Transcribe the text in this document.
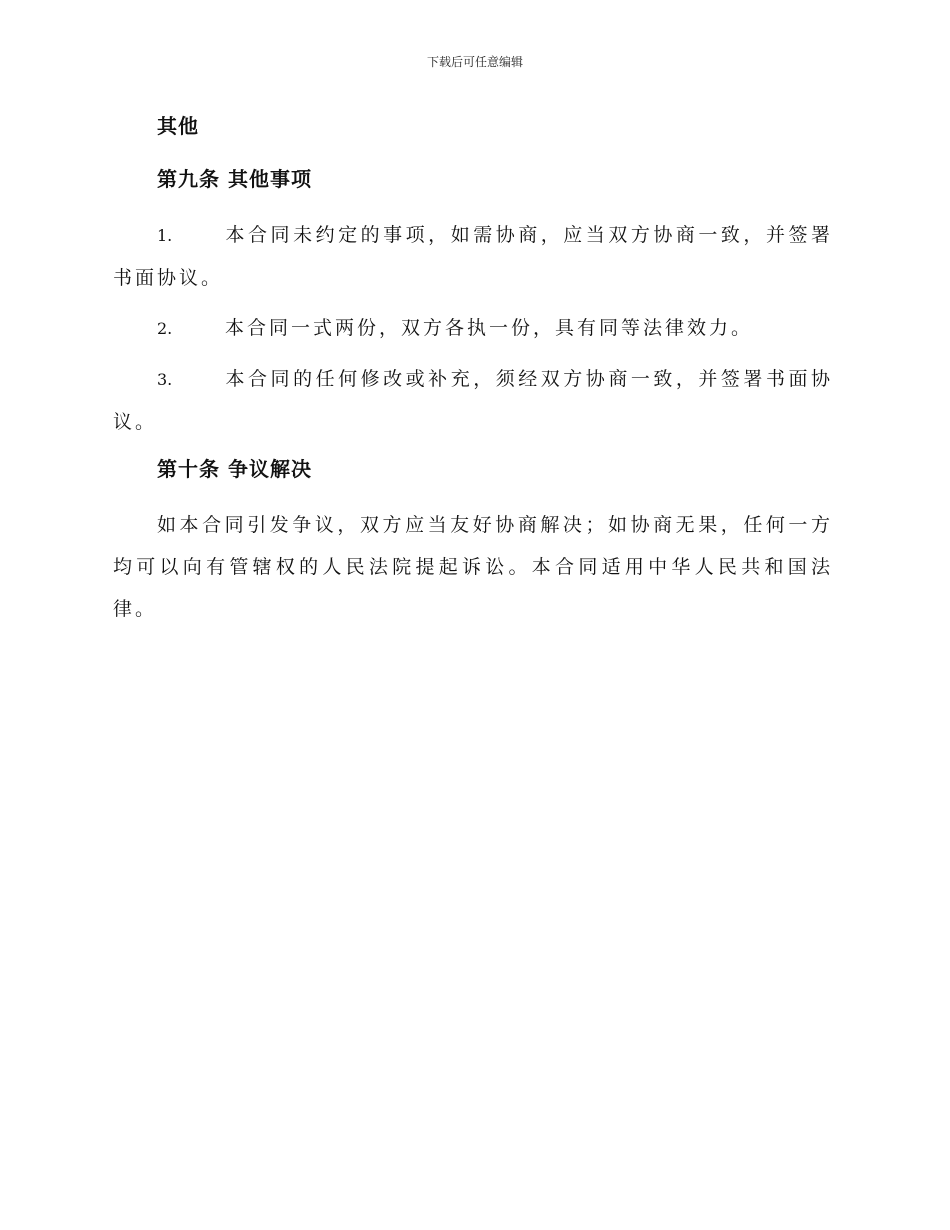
下载后可任意编辑
其他
第九条 其他事项
1.	本合同未约定的事项，如需协商，应当双方协商一致，并签署书面协议。
2.	本合同一式两份，双方各执一份，具有同等法律效力。
3.	本合同的任何修改或补充，须经双方协商一致，并签署书面协议。
第十条 争议解决

如本合同引发争议，双方应当友好协商解决；如协商无果，任何一方均可以向有管辖权的人民法院提起诉讼。本合同适用中华人民共和国法律。
